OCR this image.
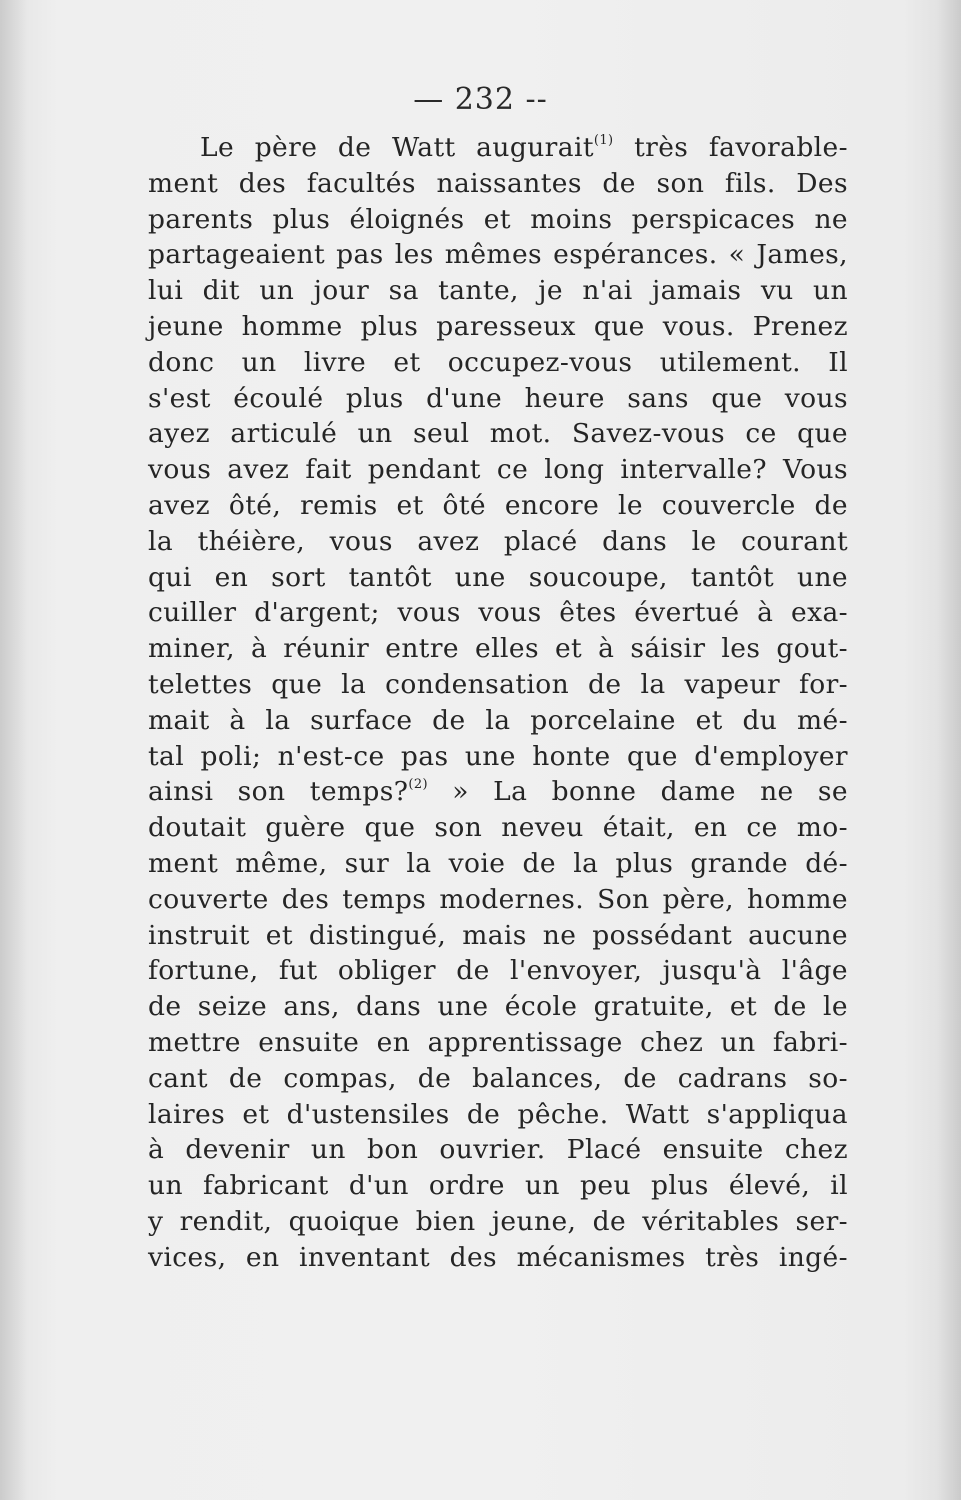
— 232 --

Le père de Watt augurait$^{(1)}$ très favorable-
ment des facultés naissantes de son fils. Des
parents plus éloignés et moins perspicaces ne
partageaient pas les mêmes espérances. « James,
lui dit un jour sa tante, je n'ai jamais vu un
jeune homme plus paresseux que vous. Prenez
donc un livre et occupez-vous utilement. Il
s'est écoulé plus d'une heure sans que vous
ayez articulé un seul mot. Savez-vous ce que
vous avez fait pendant ce long intervalle? Vous
avez ôté, remis et ôté encore le couvercle de
la théière, vous avez placé dans le courant
qui en sort tantôt une soucoupe, tantôt une
cuiller d'argent; vous vous êtes évertué à exa-
miner, à réunir entre elles et à sáisir les gout-
telettes que la condensation de la vapeur for-
mait à la surface de la porcelaine et du mé-
tal poli; n'est-ce pas une honte que d'employer
ainsi son temps?$^{(2)}$ » La bonne dame ne se
doutait guère que son neveu était, en ce mo-
ment même, sur la voie de la plus grande dé-
couverte des temps modernes. Son père, homme
instruit et distingué, mais ne possédant aucune
fortune, fut obliger de l'envoyer, jusqu'à l'âge
de seize ans, dans une école gratuite, et de le
mettre ensuite en apprentissage chez un fabri-
cant de compas, de balances, de cadrans so-
laires et d'ustensiles de pêche. Watt s'appliqua
à devenir un bon ouvrier. Placé ensuite chez
un fabricant d'un ordre un peu plus élevé, il
y rendit, quoique bien jeune, de véritables ser-
vices, en inventant des mécanismes très ingé-
